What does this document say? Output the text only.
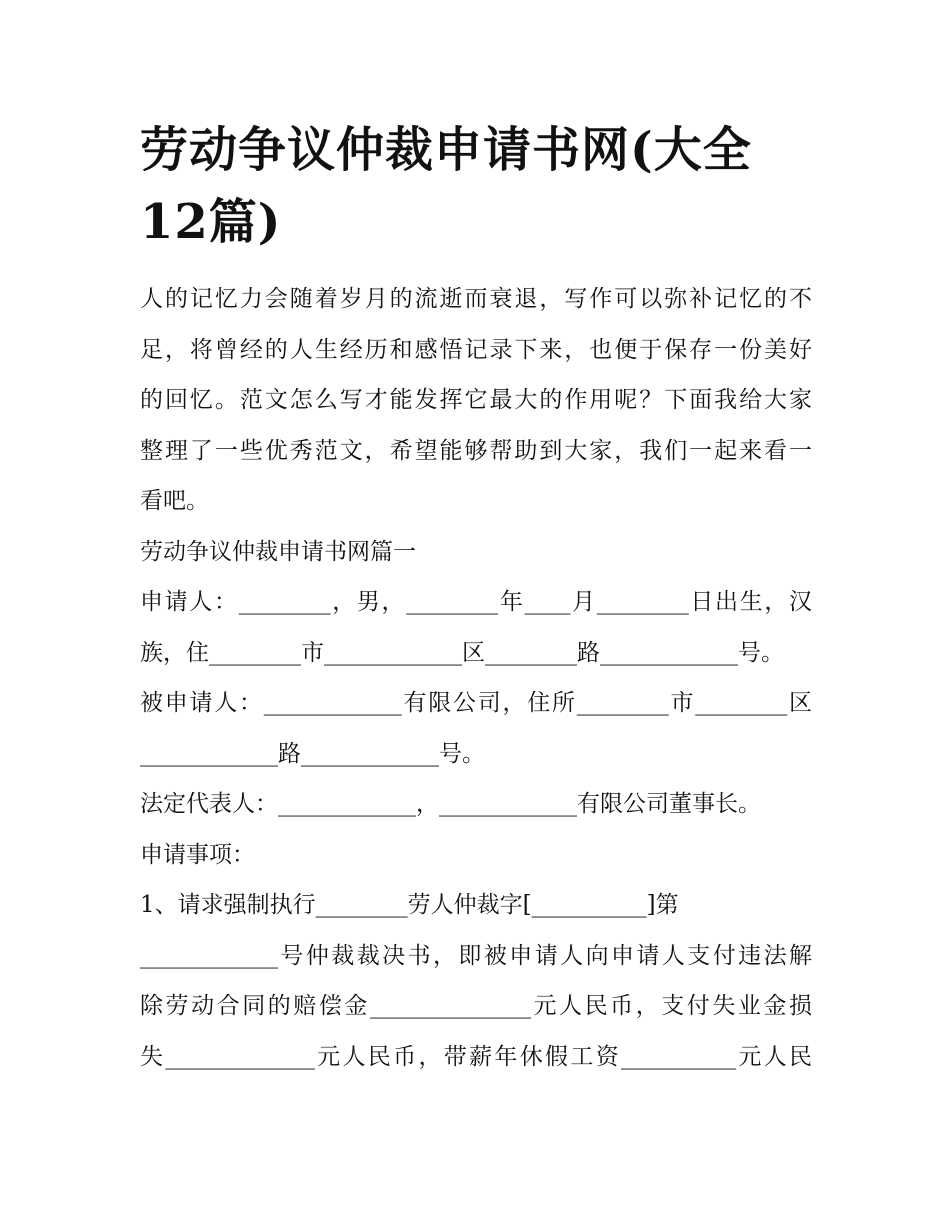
劳动争议仲裁申请书网(大全
12篇)
人的记忆力会随着岁月的流逝而衰退，写作可以弥补记忆的不
足，将曾经的人生经历和感悟记录下来，也便于保存一份美好
的回忆。范文怎么写才能发挥它最大的作用呢？下面我给大家
整理了一些优秀范文，希望能够帮助到大家，我们一起来看一
看吧。
劳动争议仲裁申请书网篇一
申请人：________，男，________年____月________日出生，汉
族，住________市____________区________路____________号。
被申请人：____________有限公司，住所________市________区
____________路____________号。
法定代表人：____________，____________有限公司董事长。
申请事项：
1、请求强制执行________劳人仲裁字[__________]第
____________号仲裁裁决书，即被申请人向申请人支付违法解
除劳动合同的赔偿金______________元人民币，支付失业金损
失_____________元人民币，带薪年休假工资__________元人民
